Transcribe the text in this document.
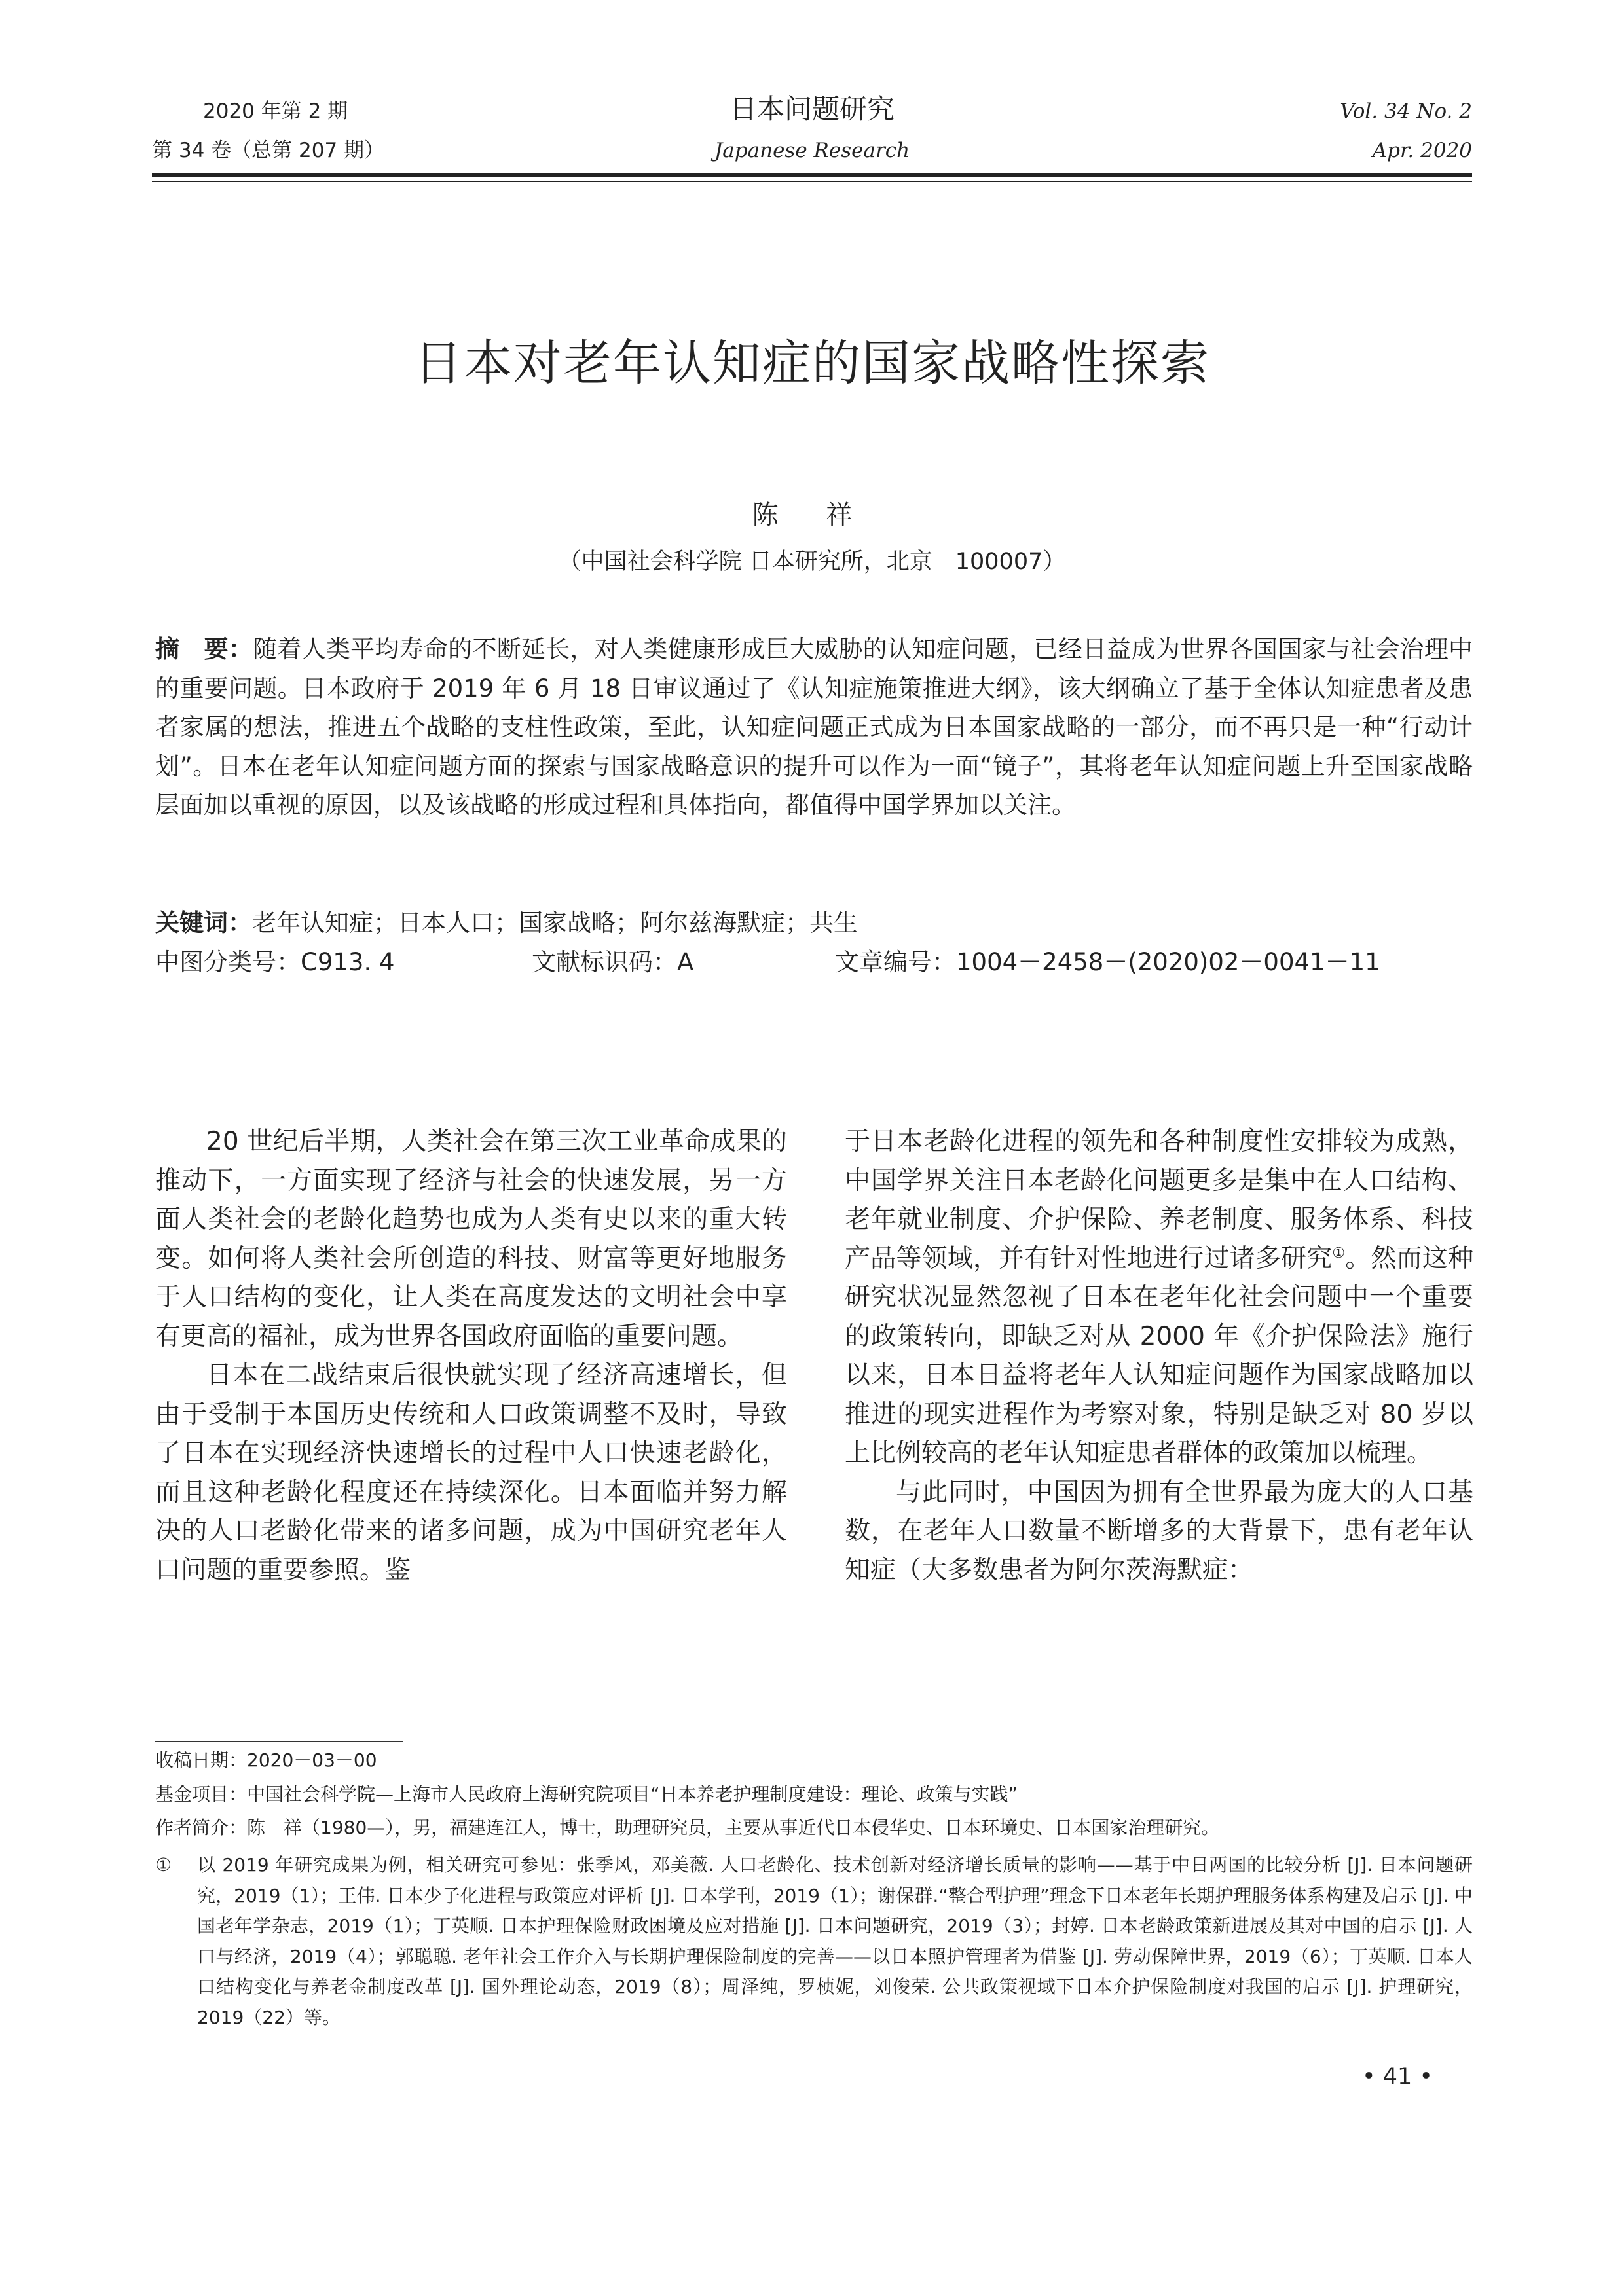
2020 年第 2 期
第 34 卷（总第 207 期）
日本问题研究
Japanese Research
Vol. 34 No. 2
Apr. 2020
日本对老年认知症的国家战略性探索
陈 祥
（中国社会科学院 日本研究所，北京　100007）
摘　要：随着人类平均寿命的不断延长，对人类健康形成巨大威胁的认知症问题，已经日益成为世界各国国家与社会治理中的重要问题。日本政府于 2019 年 6 月 18 日审议通过了《认知症施策推进大纲》，该大纲确立了基于全体认知症患者及患者家属的想法，推进五个战略的支柱性政策，至此，认知症问题正式成为日本国家战略的一部分，而不再只是一种“行动计划”。日本在老年认知症问题方面的探索与国家战略意识的提升可以作为一面“镜子”，其将老年认知症问题上升至国家战略层面加以重视的原因，以及该战略的形成过程和具体指向，都值得中国学界加以关注。
关键词：老年认知症；日本人口；国家战略；阿尔兹海默症；共生
中图分类号：C913. 4	文献标识码：A	文章编号：1004－2458－(2020)02－0041－11

20 世纪后半期，人类社会在第三次工业革命成果的推动下，一方面实现了经济与社会的快速发展，另一方面人类社会的老龄化趋势也成为人类有史以来的重大转变。如何将人类社会所创造的科技、财富等更好地服务于人口结构的变化，让人类在高度发达的文明社会中享有更高的福祉，成为世界各国政府面临的重要问题。

日本在二战结束后很快就实现了经济高速增长，但由于受制于本国历史传统和人口政策调整不及时，导致了日本在实现经济快速增长的过程中人口快速老龄化，而且这种老龄化程度还在持续深化。日本面临并努力解决的人口老龄化带来的诸多问题，成为中国研究老年人口问题的重要参照。鉴

于日本老龄化进程的领先和各种制度性安排较为成熟，中国学界关注日本老龄化问题更多是集中在人口结构、老年就业制度、介护保险、养老制度、服务体系、科技产品等领域，并有针对性地进行过诸多研究①。然而这种研究状况显然忽视了日本在老年化社会问题中一个重要的政策转向，即缺乏对从 2000 年《介护保险法》施行以来，日本日益将老年人认知症问题作为国家战略加以推进的现实进程作为考察对象，特别是缺乏对 80 岁以上比例较高的老年认知症患者群体的政策加以梳理。

与此同时，中国因为拥有全世界最为庞大的人口基数，在老年人口数量不断增多的大背景下，患有老年认知症（大多数患者为阿尔茨海默症：

收稿日期：2020－03－00
基金项目：中国社会科学院—上海市人民政府上海研究院项目“日本养老护理制度建设：理论、政策与实践”
作者简介：陈　祥（1980—），男，福建连江人，博士，助理研究员，主要从事近代日本侵华史、日本环境史、日本国家治理研究。
① 以 2019 年研究成果为例，相关研究可参见：张季风，邓美薇. 人口老龄化、技术创新对经济增长质量的影响——基于中日两国的比较分析 [J]. 日本问题研究，2019（1）；王伟. 日本少子化进程与政策应对评析 [J]. 日本学刊，2019（1）；谢保群.“整合型护理”理念下日本老年长期护理服务体系构建及启示 [J]. 中国老年学杂志，2019（1）；丁英顺. 日本护理保险财政困境及应对措施 [J]. 日本问题研究，2019（3）；封婷. 日本老龄政策新进展及其对中国的启示 [J]. 人口与经济，2019（4）；郭聪聪. 老年社会工作介入与长期护理保险制度的完善——以日本照护管理者为借鉴 [J]. 劳动保障世界，2019（6）；丁英顺. 日本人口结构变化与养老金制度改革 [J]. 国外理论动态，2019（8）；周泽纯，罗桢妮，刘俊荣. 公共政策视域下日本介护保险制度对我国的启示 [J]. 护理研究，2019（22）等。
• 41 •
